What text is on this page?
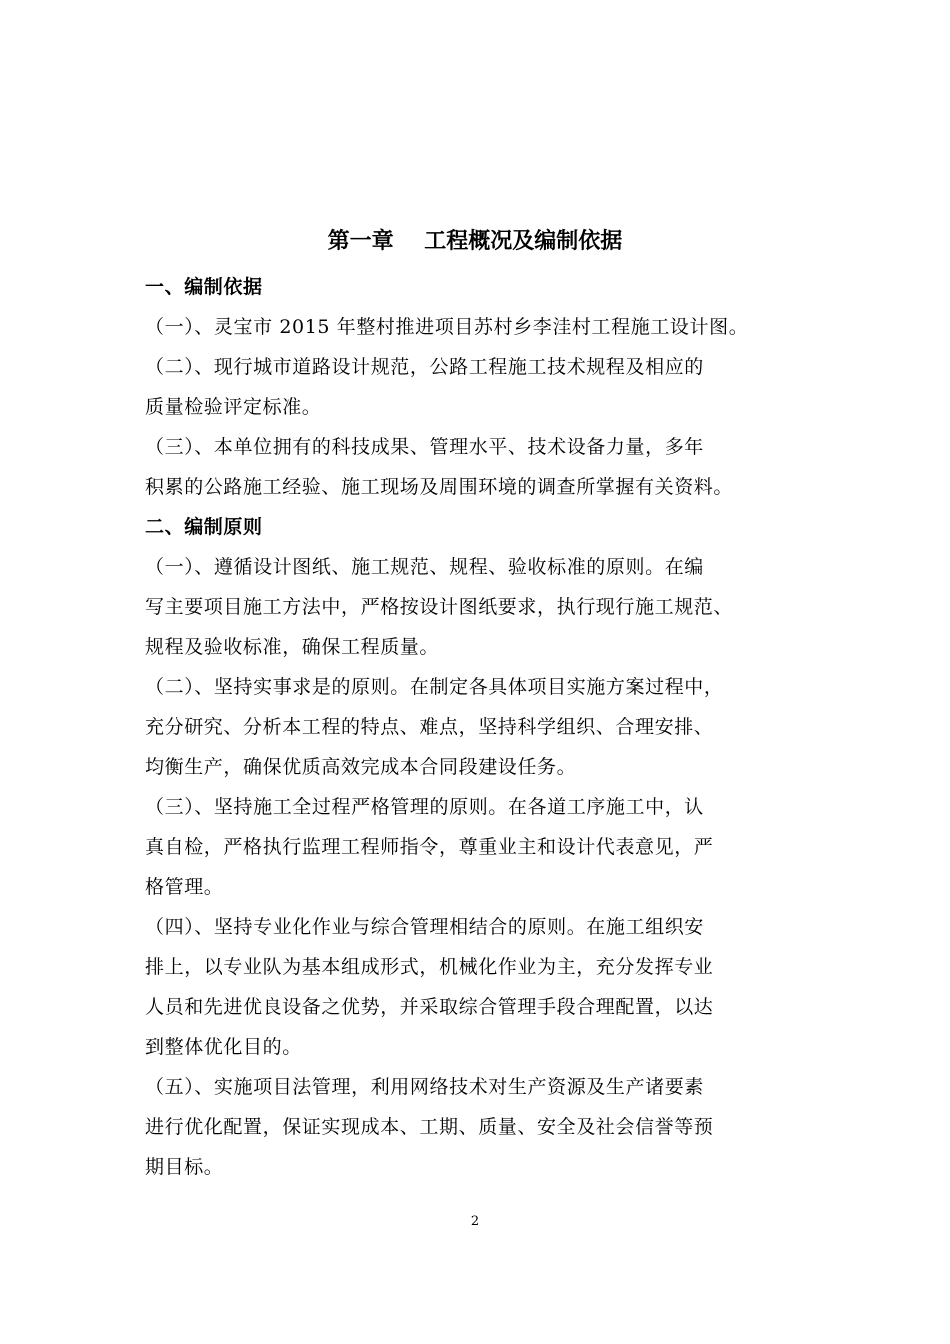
第一章    工程概况及编制依据
一、编制依据
（一）、灵宝市 2015 年整村推进项目苏村乡李洼村工程施工设计图。
（二）、现行城市道路设计规范，公路工程施工技术规程及相应的
质量检验评定标准。
（三）、本单位拥有的科技成果、管理水平、技术设备力量，多年
积累的公路施工经验、施工现场及周围环境的调查所掌握有关资料。
二、编制原则
（一）、遵循设计图纸、施工规范、规程、验收标准的原则。在编
写主要项目施工方法中，严格按设计图纸要求，执行现行施工规范、
规程及验收标准，确保工程质量。
（二）、坚持实事求是的原则。在制定各具体项目实施方案过程中，
充分研究、分析本工程的特点、难点，坚持科学组织、合理安排、
均衡生产，确保优质高效完成本合同段建设任务。
（三）、坚持施工全过程严格管理的原则。在各道工序施工中，认
真自检，严格执行监理工程师指令，尊重业主和设计代表意见，严
格管理。
（四）、坚持专业化作业与综合管理相结合的原则。在施工组织安
排上，以专业队为基本组成形式，机械化作业为主，充分发挥专业
人员和先进优良设备之优势，并采取综合管理手段合理配置，以达
到整体优化目的。
（五）、实施项目法管理，利用网络技术对生产资源及生产诸要素
进行优化配置，保证实现成本、工期、质量、安全及社会信誉等预
期目标。
2
